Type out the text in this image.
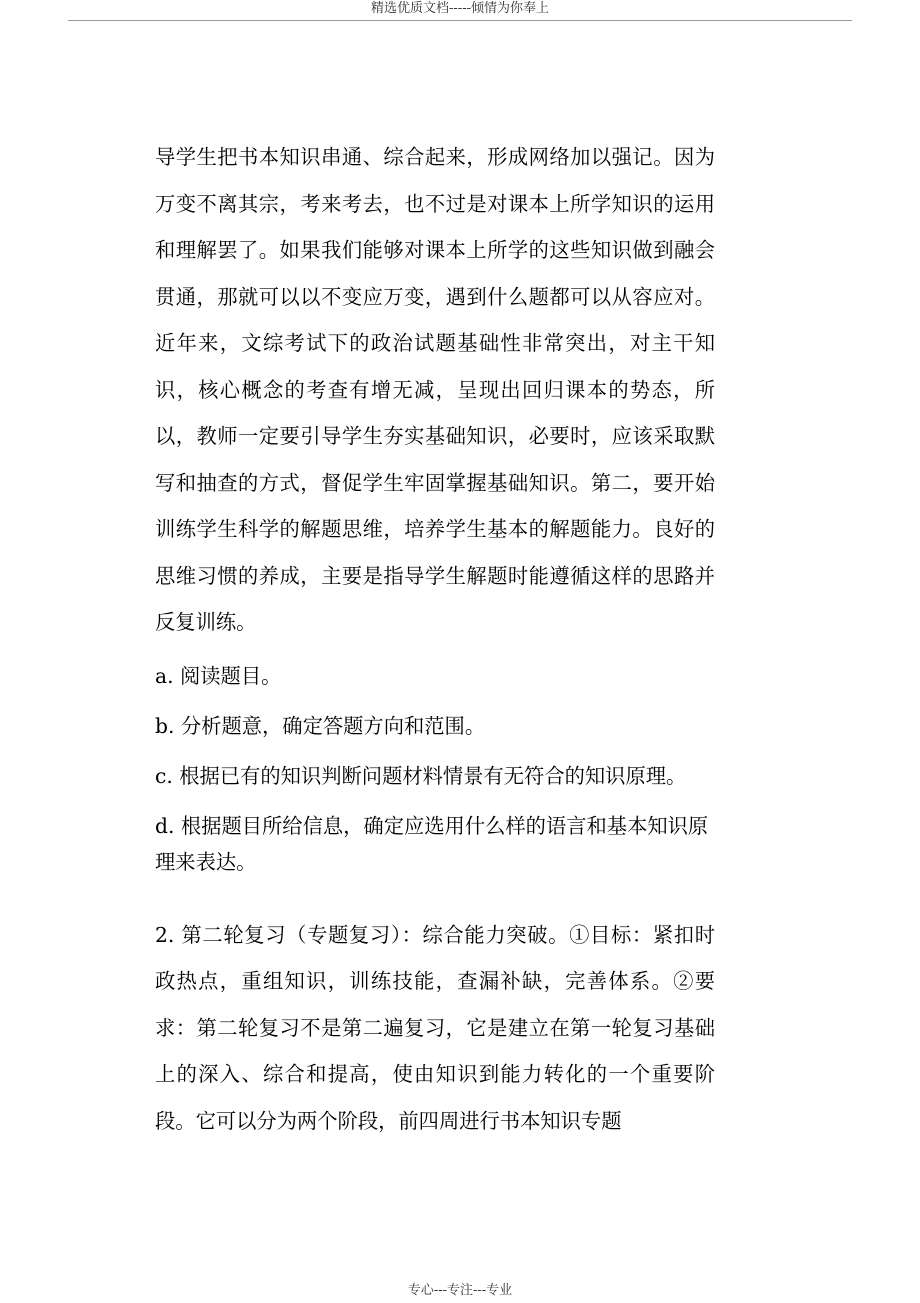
精选优质文档-----倾情为你奉上

导学生把书本知识串通、综合起来，形成网络加以强记。因为万变不离其宗，考来考去，也不过是对课本上所学知识的运用和理解罢了。如果我们能够对课本上所学的这些知识做到融会贯通，那就可以以不变应万变，遇到什么题都可以从容应对。近年来，文综考试下的政治试题基础性非常突出，对主干知识，核心概念的考查有增无减，呈现出回归课本的势态，所以，教师一定要引导学生夯实基础知识，必要时，应该采取默写和抽查的方式，督促学生牢固掌握基础知识。第二，要开始训练学生科学的解题思维，培养学生基本的解题能力。良好的思维习惯的养成，主要是指导学生解题时能遵循这样的思路并反复训练。

a. 阅读题目。

b. 分析题意，确定答题方向和范围。

c. 根据已有的知识判断问题材料情景有无符合的知识原理。

d. 根据题目所给信息，确定应选用什么样的语言和基本知识原理来表达。

2. 第二轮复习（专题复习）：综合能力突破。①目标：紧扣时政热点，重组知识，训练技能，查漏补缺，完善体系。②要求：第二轮复习不是第二遍复习，它是建立在第一轮复习基础上的深入、综合和提高，使由知识到能力转化的一个重要阶段。它可以分为两个阶段，前四周进行书本知识专题

专心---专注---专业
